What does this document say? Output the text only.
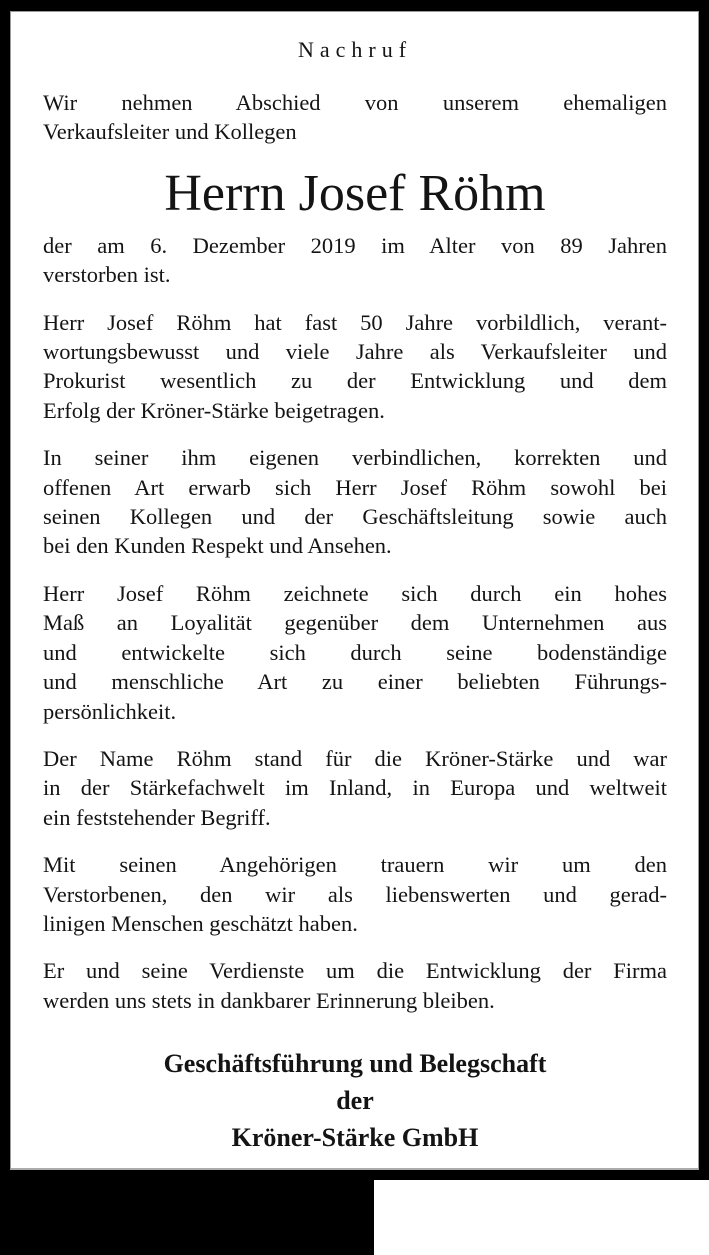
Nachruf
Wir nehmen Abschied von unserem ehemaligen
Verkaufsleiter und Kollegen
Herrn Josef Röhm
der am 6. Dezember 2019 im Alter von 89 Jahren
verstorben ist.
Herr Josef Röhm hat fast 50 Jahre vorbildlich, verant-
wortungsbewusst und viele Jahre als Verkaufsleiter und
Prokurist wesentlich zu der Entwicklung und dem
Erfolg der Kröner-Stärke beigetragen.
In seiner ihm eigenen verbindlichen, korrekten und
offenen Art erwarb sich Herr Josef Röhm sowohl bei
seinen Kollegen und der Geschäftsleitung sowie auch
bei den Kunden Respekt und Ansehen.
Herr Josef Röhm zeichnete sich durch ein hohes
Maß an Loyalität gegenüber dem Unternehmen aus
und entwickelte sich durch seine bodenständige
und menschliche Art zu einer beliebten Führungs-
persönlichkeit.
Der Name Röhm stand für die Kröner-Stärke und war
in der Stärkefachwelt im Inland, in Europa und weltweit
ein feststehender Begriff.
Mit seinen Angehörigen trauern wir um den
Verstorbenen, den wir als liebenswerten und gerad-
linigen Menschen geschätzt haben.
Er und seine Verdienste um die Entwicklung der Firma
werden uns stets in dankbarer Erinnerung bleiben.
Geschäftsführung und Belegschaft
der
Kröner-Stärke GmbH
